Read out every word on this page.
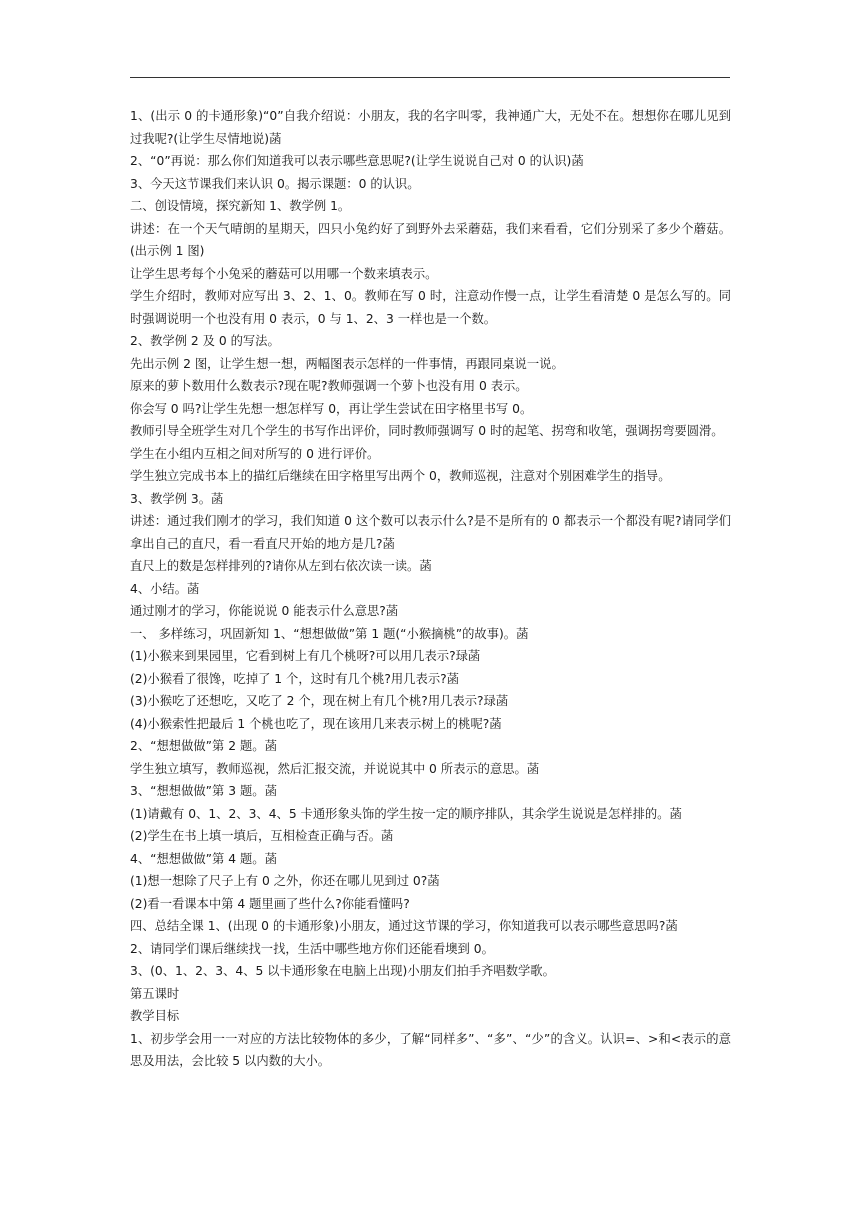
1、(出示 0 的卡通形象)“0”自我介绍说：小朋友，我的名字叫零，我神通广大，无处不在。想想你在哪儿见到过我呢?(让学生尽情地说)菡

2、“0”再说：那么你们知道我可以表示哪些意思呢?(让学生说说自己对 0 的认识)菡

3、今天这节课我们来认识 0。揭示课题：0 的认识。

二、创设情境，探究新知 1、教学例 1。

讲述：在一个天气晴朗的星期天，四只小兔约好了到野外去采蘑菇，我们来看看，它们分别采了多少个蘑菇。(出示例 1 图)

让学生思考每个小兔采的蘑菇可以用哪一个数来填表示。

学生介绍时，教师对应写出 3、2、1、0。教师在写 0 时，注意动作慢一点，让学生看清楚 0 是怎么写的。同时强调说明一个也没有用 0 表示，0 与 1、2、3 一样也是一个数。

2、教学例 2 及 0 的写法。

先出示例 2 图，让学生想一想，两幅图表示怎样的一件事情，再跟同桌说一说。

原来的萝卜数用什么数表示?现在呢?教师强调一个萝卜也没有用 0 表示。

你会写 0 吗?让学生先想一想怎样写 0，再让学生尝试在田字格里书写 0。

教师引导全班学生对几个学生的书写作出评价，同时教师强调写 0 时的起笔、拐弯和收笔，强调拐弯要圆滑。

学生在小组内互相之间对所写的 0 进行评价。

学生独立完成书本上的描红后继续在田字格里写出两个 0，教师巡视，注意对个别困难学生的指导。

3、教学例 3。菡

讲述：通过我们刚才的学习，我们知道 0 这个数可以表示什么?是不是所有的 0 都表示一个都没有呢?请同学们拿出自己的直尺，看一看直尺开始的地方是几?菡

直尺上的数是怎样排列的?请你从左到右依次读一读。菡

4、小结。菡

通过刚才的学习，你能说说 0 能表示什么意思?菡

一、 多样练习，巩固新知 1、“想想做做”第 1 题(“小猴摘桃”的故事)。菡

(1)小猴来到果园里，它看到树上有几个桃呀?可以用几表示?琭菡

(2)小猴看了很馋，吃掉了 1 个，这时有几个桃?用几表示?菡

(3)小猴吃了还想吃，又吃了 2 个，现在树上有几个桃?用几表示?琭菡

(4)小猴索性把最后 1 个桃也吃了，现在该用几来表示树上的桃呢?菡

2、“想想做做”第 2 题。菡

学生独立填写，教师巡视，然后汇报交流，并说说其中 0 所表示的意思。菡

3、“想想做做”第 3 题。菡

(1)请戴有 0、1、2、3、4、5 卡通形象头饰的学生按一定的顺序排队，其余学生说说是怎样排的。菡

(2)学生在书上填一填后，互相检查正确与否。菡

4、“想想做做”第 4 题。菡

(1)想一想除了尺子上有 0 之外，你还在哪儿见到过 0?菡

(2)看一看课本中第 4 题里画了些什么?你能看懂吗?

四、总结全课 1、(出现 0 的卡通形象)小朋友，通过这节课的学习，你知道我可以表示哪些意思吗?菡

2、请同学们课后继续找一找，生活中哪些地方你们还能看墺到 0。

3、(0、1、2、3、4、5 以卡通形象在电脑上出现)小朋友们拍手齐唱数学歌。

第五课时

教学目标

1、初步学会用一一对应的方法比较物体的多少，了解“同样多”、“多”、“少”的含义。认识=、>和<表示的意思及用法，会比较 5 以内数的大小。
